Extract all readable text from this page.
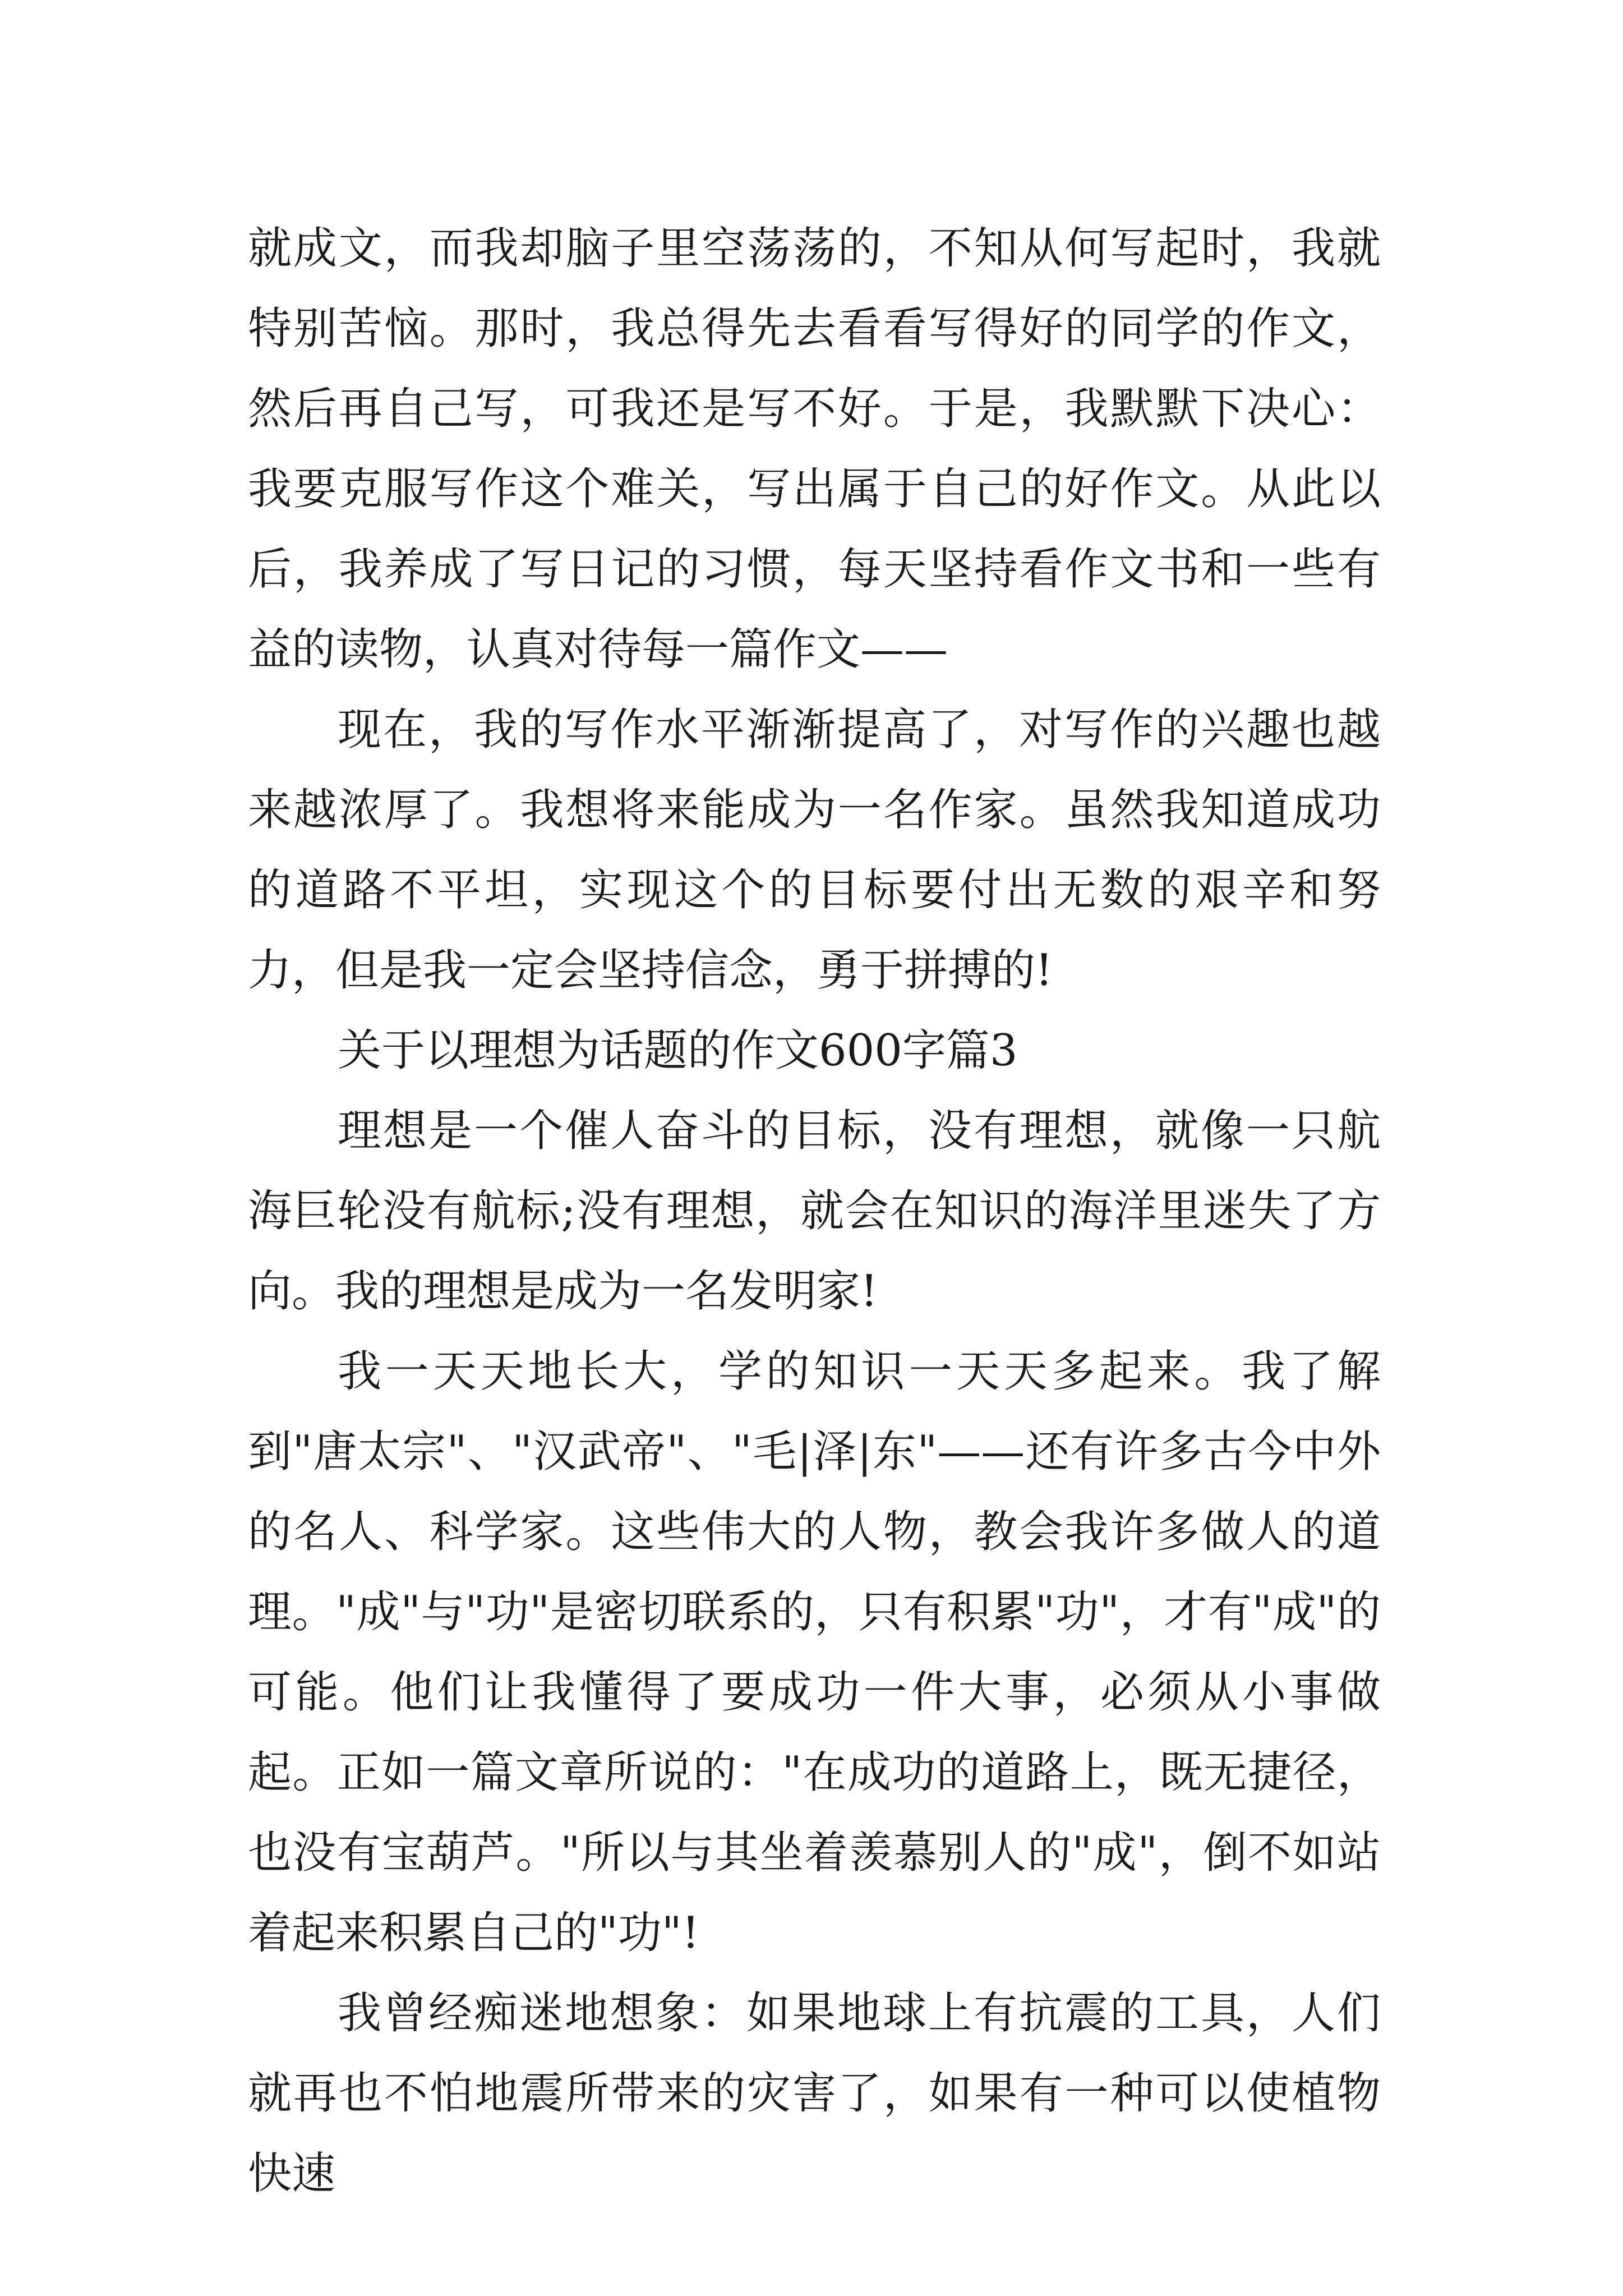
就成文，而我却脑子里空荡荡的，不知从何写起时，我就特别苦恼。那时，我总得先去看看写得好的同学的作文，然后再自己写，可我还是写不好。于是，我默默下决心：我要克服写作这个难关，写出属于自己的好作文。从此以后，我养成了写日记的习惯，每天坚持看作文书和一些有益的读物，认真对待每一篇作文——

现在，我的写作水平渐渐提高了，对写作的兴趣也越来越浓厚了。我想将来能成为一名作家。虽然我知道成功的道路不平坦，实现这个的目标要付出无数的艰辛和努力，但是我一定会坚持信念，勇于拼搏的!

关于以理想为话题的作文600字篇3

理想是一个催人奋斗的目标，没有理想，就像一只航海巨轮没有航标;没有理想，就会在知识的海洋里迷失了方向。我的理想是成为一名发明家!

我一天天地长大，学的知识一天天多起来。我了解到"唐太宗"、"汉武帝"、"毛|泽|东"——还有许多古今中外的名人、科学家。这些伟大的人物，教会我许多做人的道理。"成"与"功"是密切联系的，只有积累"功"，才有"成"的可能。他们让我懂得了要成功一件大事，必须从小事做起。正如一篇文章所说的："在成功的道路上，既无捷径，也没有宝葫芦。"所以与其坐着羡慕别人的"成"，倒不如站着起来积累自己的"功"!

我曾经痴迷地想象：如果地球上有抗震的工具，人们就再也不怕地震所带来的灾害了，如果有一种可以使植物快速
